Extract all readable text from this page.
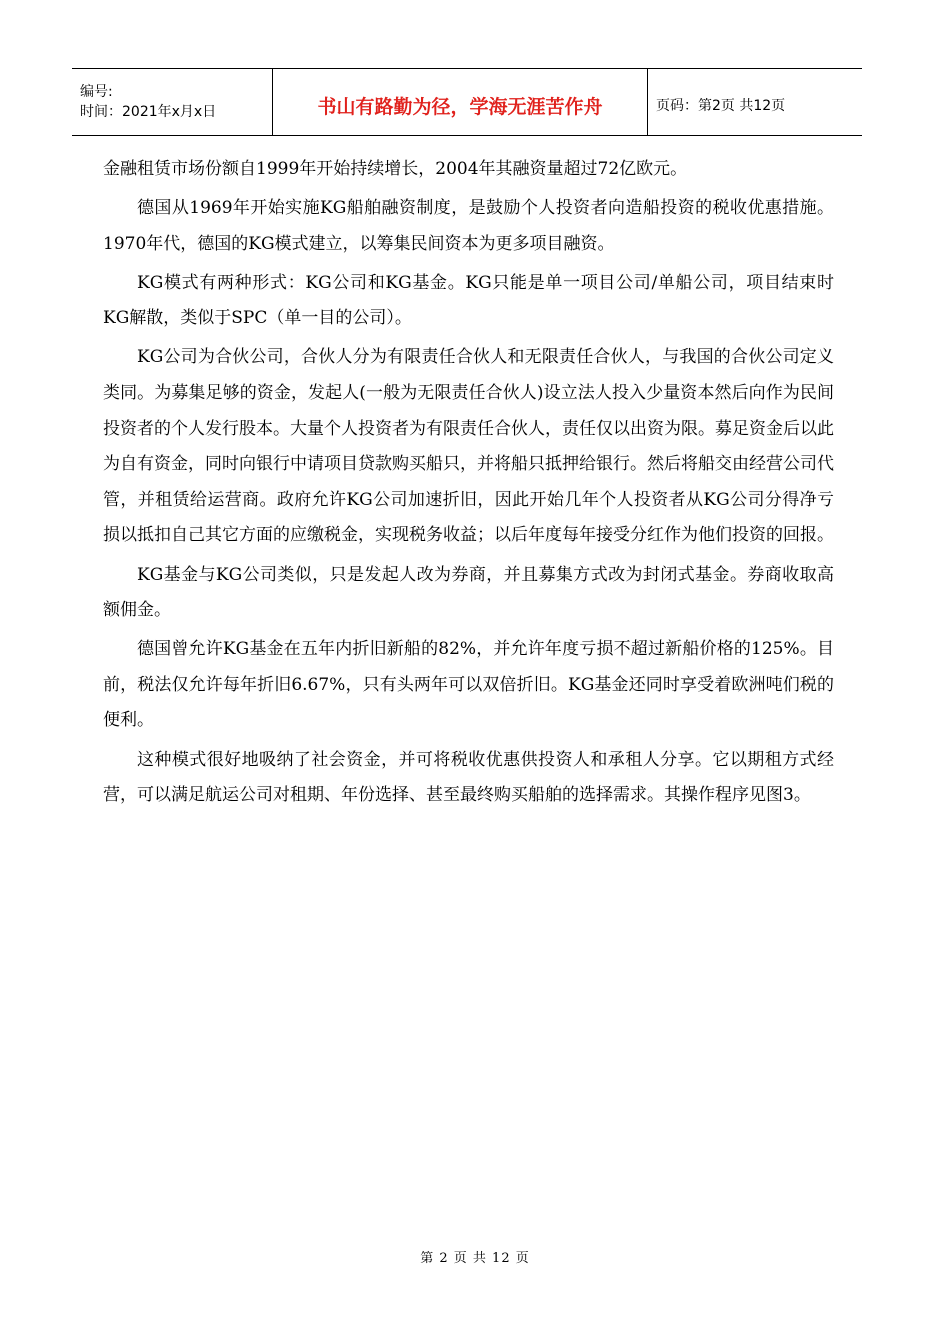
编号:
时间：2021年x月x日	书山有路勤为径，学海无涯苦作舟	页码：第2页 共12页

金融租赁市场份额自1999年开始持续增长，2004年其融资量超过72亿欧元。

德国从1969年开始实施KG船舶融资制度，是鼓励个人投资者向造船投资的税收优惠措施。1970年代，德国的KG模式建立，以筹集民间资本为更多项目融资。

KG模式有两种形式：KG公司和KG基金。KG只能是单一项目公司/单船公司，项目结束时KG解散，类似于SPC（单一目的公司）。

KG公司为合伙公司，合伙人分为有限责任合伙人和无限责任合伙人，与我国的合伙公司定义类同。为募集足够的资金，发起人(一般为无限责任合伙人)设立法人投入少量资本然后向作为民间投资者的个人发行股本。大量个人投资者为有限责任合伙人，责任仅以出资为限。募足资金后以此为自有资金，同时向银行中请项目贷款购买船只，并将船只抵押给银行。然后将船交由经营公司代管，并租赁给运营商。政府允许KG公司加速折旧，因此开始几年个人投资者从KG公司分得净亏损以抵扣自己其它方面的应缴税金，实现税务收益；以后年度每年接受分红作为他们投资的回报。

KG基金与KG公司类似，只是发起人改为券商，并且募集方式改为封闭式基金。券商收取高额佣金。

德国曾允许KG基金在五年内折旧新船的82%，并允许年度亏损不超过新船价格的125%。目前，税法仅允许每年折旧6.67%，只有头两年可以双倍折旧。KG基金还同时享受着欧洲吨们税的便利。

这种模式很好地吸纳了社会资金，并可将税收优惠供投资人和承租人分享。它以期租方式经营，可以满足航运公司对租期、年份选择、甚至最终购买船舶的选择需求。其操作程序见图3。

第 2 页 共 12 页
